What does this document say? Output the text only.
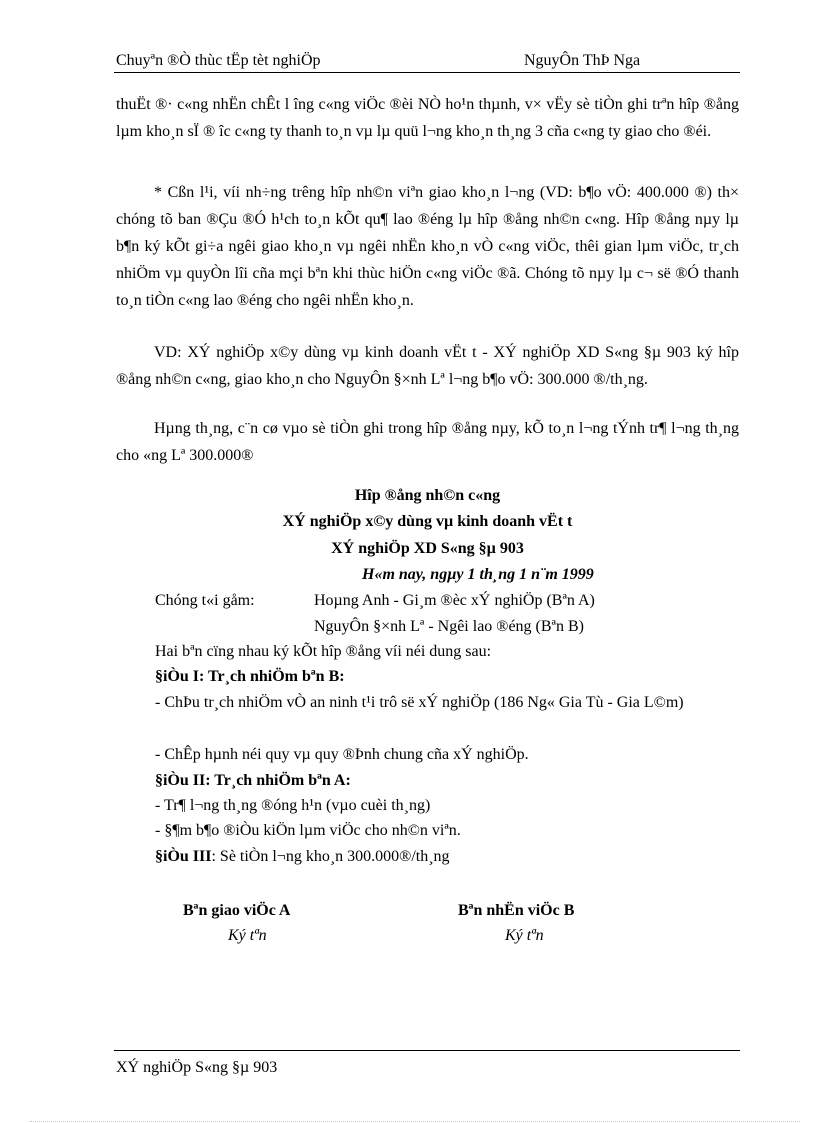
Chuyªn ®Ò thùc tËp tèt nghiÖp	NguyÔn ThÞ Nga
thuËt ®· c«ng nhËn chÊt l îng c«ng viÖc ®èi NÒ ho¹n thµnh, v× vËy sè tiÒn ghi trªn hîp ®ång lµm kho¸n sÏ ® îc c«ng ty thanh to¸n vµ lµ quü l¬ng kho¸n th¸ng 3 cña c«ng ty giao cho ®éi.
* Cßn l¹i, víi nh÷ng trêng hîp nh©n viªn giao kho¸n l¬ng (VD: b¶o vÖ: 400.000 ®) th× chóng tõ ban ®Çu ®Ó h¹ch to¸n kÕt qu¶ lao ®éng lµ hîp ®ång nh©n c«ng. Hîp ®ång nµy lµ b¶n ký kÕt gi÷a ngêi giao kho¸n vµ ngêi nhËn kho¸n vÒ c«ng viÖc, thêi gian lµm viÖc, tr¸ch nhiÖm vµ quyÒn lîi cña mçi bªn khi thùc hiÖn c«ng viÖc ®ã. Chóng tõ nµy lµ c¬ së ®Ó thanh to¸n tiÒn c«ng lao ®éng cho ngêi nhËn kho¸n.
VD: XÝ nghiÖp x©y dùng vµ kinh doanh vËt t - XÝ nghiÖp XD S«ng §µ 903 ký hîp ®ång nh©n c«ng, giao kho¸n cho NguyÔn §×nh Lª l¬ng b¶o vÖ: 300.000 ®/th¸ng.
Hµng th¸ng, c¨n cø vµo sè tiÒn ghi trong hîp ®ång nµy, kÕ to¸n l¬ng tÝnh tr¶ l¬ng th¸ng cho «ng Lª 300.000®
Hîp ®ång nh©n c«ng
XÝ nghiÖp x©y dùng vµ kinh doanh vËt t
XÝ nghiÖp XD S«ng §µ 903
H«m nay, ngµy 1 th¸ng 1 n¨m 1999
Chóng t«i gåm:	Hoµng Anh - Gi¸m ®èc xÝ nghiÖp (Bªn A)
NguyÔn §×nh Lª - Ngêi lao ®éng (Bªn B)
Hai bªn cïng nhau ký kÕt hîp ®ång víi néi dung sau:
§iÒu I: Tr¸ch nhiÖm bªn B:
- ChÞu tr¸ch nhiÖm vÒ an ninh t¹i trô së xÝ nghiÖp (186 Ng« Gia Tù - Gia L©m)
- ChÊp hµnh néi quy vµ quy ®Þnh chung cña xÝ nghiÖp.
§iÒu II: Tr¸ch nhiÖm bªn A:
- Tr¶ l¬ng th¸ng ®óng h¹n (vµo cuèi th¸ng)
- §¶m b¶o ®iÒu kiÖn lµm viÖc cho nh©n viªn.
§iÒu III: Sè tiÒn l¬ng kho¸n 300.000®/th¸ng
Bªn giao viÖc A	Bªn nhËn viÖc B
Ký tªn	Ký tªn
XÝ nghiÖp S«ng §µ 903
